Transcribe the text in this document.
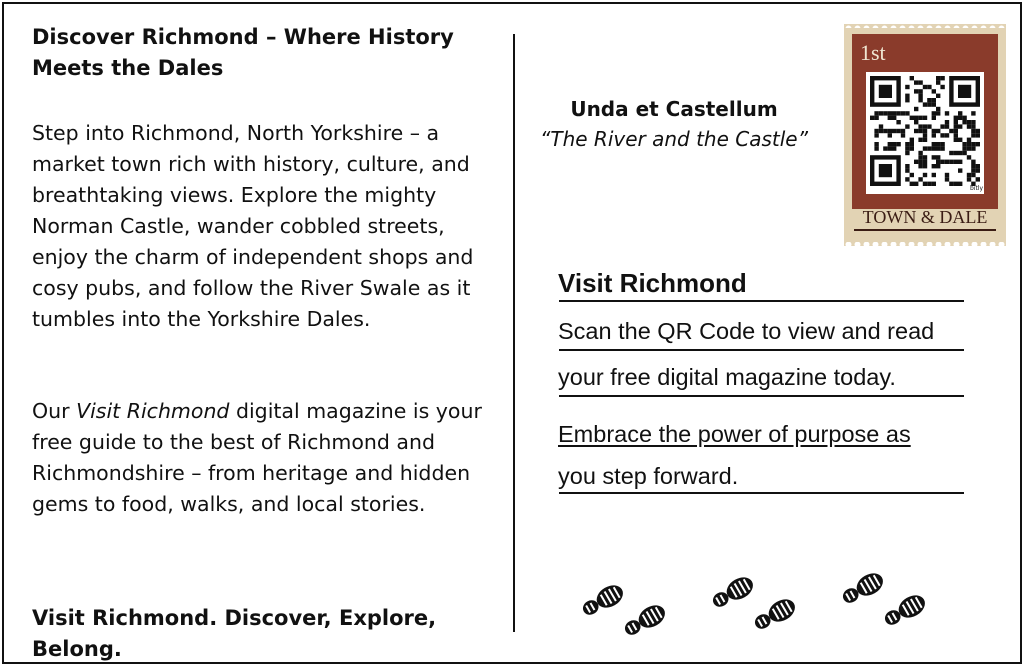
Discover Richmond – Where History Meets the Dales

Step into Richmond, North Yorkshire – a market town rich with history, culture, and breathtaking views. Explore the mighty Norman Castle, wander cobbled streets, enjoy the charm of independent shops and cosy pubs, and follow the River Swale as it tumbles into the Yorkshire Dales.

Our Visit Richmond digital magazine is your free guide to the best of Richmond and Richmondshire – from heritage and hidden gems to food, walks, and local stories.

Visit Richmond. Discover, Explore, Belong.

Unda et Castellum
“The River and the Castle”
1st
bitly
TOWN & DALE
Visit Richmond
Scan the QR Code to view and read
your free digital magazine today.
Embrace the power of purpose as
you step forward.
